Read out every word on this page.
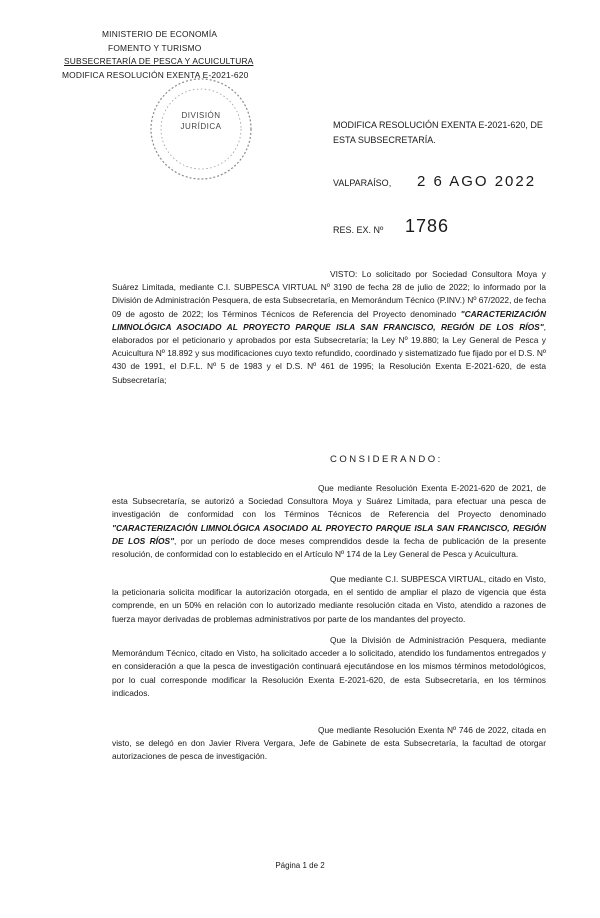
MINISTERIO DE ECONOMÍA
FOMENTO Y TURISMO
SUBSECRETARÍA DE PESCA Y ACUICULTURA
MODIFICA RESOLUCIÓN EXENTA E-2021-620
DIVISIÓN
JURÍDICA	MODIFICA RESOLUCIÓN EXENTA E-2021-620, DE ESTA SUBSECRETARÍA.
VALPARAÍSO, 2 6 AGO 2022
RES. EX. Nº 1786

VISTO: Lo solicitado por Sociedad Consultora Moya y Suárez Limitada, mediante C.I. SUBPESCA VIRTUAL Nº 3190 de fecha 28 de julio de 2022; lo informado por la División de Administración Pesquera, de esta Subsecretaría, en Memorándum Técnico (P.INV.) Nº 67/2022, de fecha 09 de agosto de 2022; los Términos Técnicos de Referencia del Proyecto denominado "CARACTERIZACIÓN LIMNOLÓGICA ASOCIADO AL PROYECTO PARQUE ISLA SAN FRANCISCO, REGIÓN DE LOS RÍOS", elaborados por el peticionario y aprobados por esta Subsecretaría; la Ley Nº 19.880; la Ley General de Pesca y Acuicultura Nº 18.892 y sus modificaciones cuyo texto refundido, coordinado y sistematizado fue fijado por el D.S. Nº 430 de 1991, el D.F.L. Nº 5 de 1983 y el D.S. Nº 461 de 1995; la Resolución Exenta E-2021-620, de esta Subsecretaría;

CONSIDERANDO:

Que mediante Resolución Exenta E-2021-620 de 2021, de esta Subsecretaría, se autorizó a Sociedad Consultora Moya y Suárez Limitada, para efectuar una pesca de investigación de conformidad con los Términos Técnicos de Referencia del Proyecto denominado "CARACTERIZACIÓN LIMNOLÓGICA ASOCIADO AL PROYECTO PARQUE ISLA SAN FRANCISCO, REGIÓN DE LOS RÍOS", por un período de doce meses comprendidos desde la fecha de publicación de la presente resolución, de conformidad con lo establecido en el Artículo Nº 174 de la Ley General de Pesca y Acuicultura.

Que mediante C.I. SUBPESCA VIRTUAL, citado en Visto, la peticionaria solicita modificar la autorización otorgada, en el sentido de ampliar el plazo de vigencia que ésta comprende, en un 50% en relación con lo autorizado mediante resolución citada en Visto, atendido a razones de fuerza mayor derivadas de problemas administrativos por parte de los mandantes del proyecto.

Que la División de Administración Pesquera, mediante Memorándum Técnico, citado en Visto, ha solicitado acceder a lo solicitado, atendido los fundamentos entregados y en consideración a que la pesca de investigación continuará ejecutándose en los mismos términos metodológicos, por lo cual corresponde modificar la Resolución Exenta E-2021-620, de esta Subsecretaría, en los términos indicados.

Que mediante Resolución Exenta Nº 746 de 2022, citada en visto, se delegó en don Javier Rivera Vergara, Jefe de Gabinete de esta Subsecretaría, la facultad de otorgar autorizaciones de pesca de investigación.

Página 1 de 2
